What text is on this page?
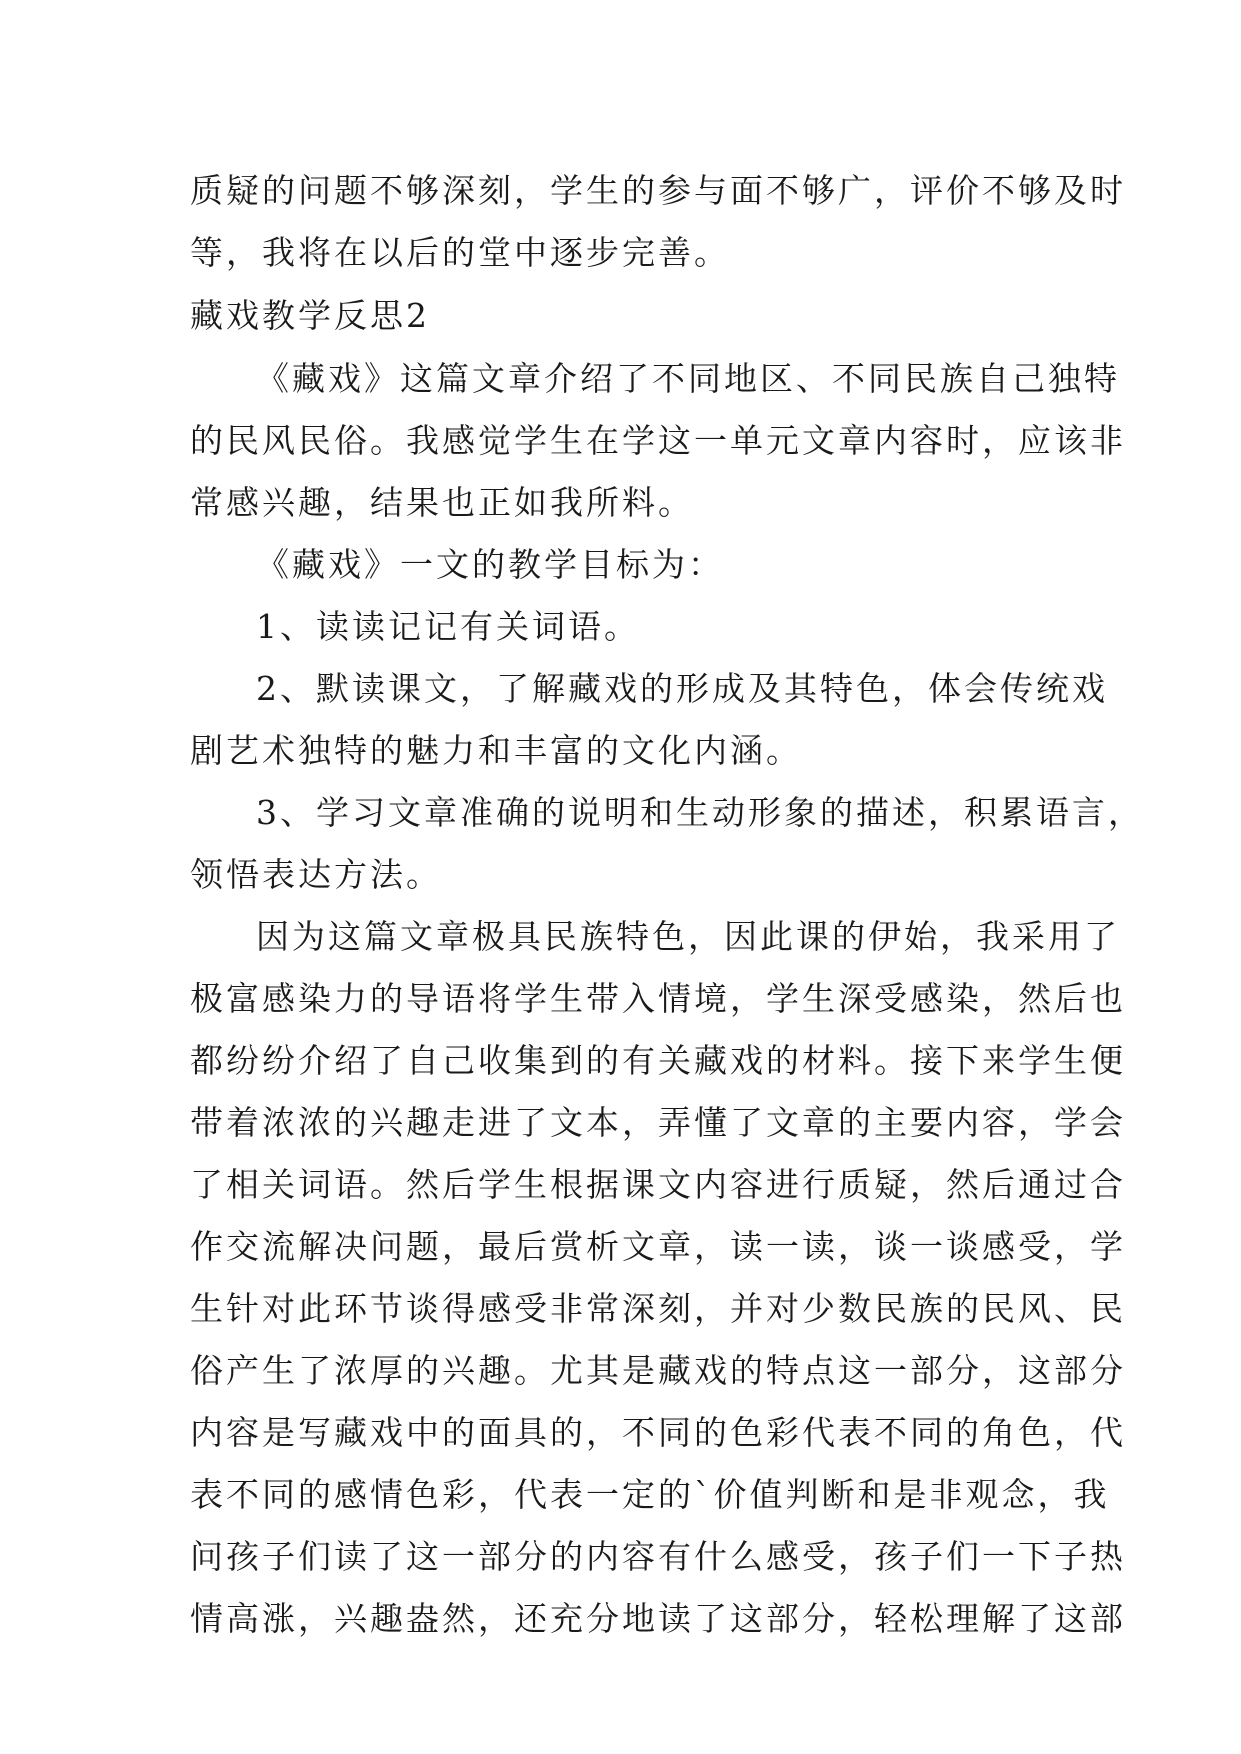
质疑的问题不够深刻，学生的参与面不够广，评价不够及时
等，我将在以后的堂中逐步完善。
藏戏教学反思2
《藏戏》这篇文章介绍了不同地区、不同民族自己独特
的民风民俗。我感觉学生在学这一单元文章内容时，应该非
常感兴趣，结果也正如我所料。
《藏戏》一文的教学目标为：
1、读读记记有关词语。
2、默读课文，了解藏戏的形成及其特色，体会传统戏
剧艺术独特的魅力和丰富的文化内涵。
3、学习文章准确的说明和生动形象的描述，积累语言，
领悟表达方法。
因为这篇文章极具民族特色，因此课的伊始，我采用了
极富感染力的导语将学生带入情境，学生深受感染，然后也
都纷纷介绍了自己收集到的有关藏戏的材料。接下来学生便
带着浓浓的兴趣走进了文本，弄懂了文章的主要内容，学会
了相关词语。然后学生根据课文内容进行质疑，然后通过合
作交流解决问题，最后赏析文章，读一读，谈一谈感受，学
生针对此环节谈得感受非常深刻，并对少数民族的民风、民
俗产生了浓厚的兴趣。尤其是藏戏的特点这一部分，这部分
内容是写藏戏中的面具的，不同的色彩代表不同的角色，代
表不同的感情色彩，代表一定的`价值判断和是非观念，我
问孩子们读了这一部分的内容有什么感受，孩子们一下子热
情高涨，兴趣盎然，还充分地读了这部分，轻松理解了这部
